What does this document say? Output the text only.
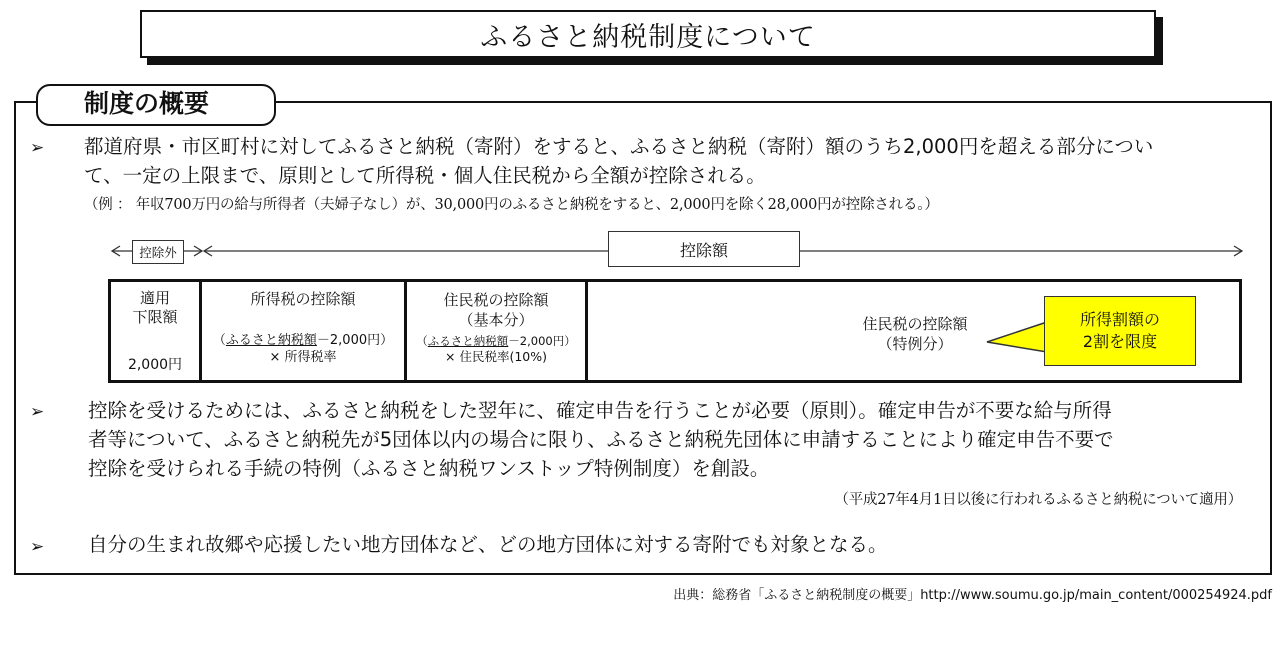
ふるさと納税制度について
制度の概要
➢ 都道府県・市区町村に対してふるさと納税（寄附）をすると、ふるさと納税（寄附）額のうち2,000円を超える部分につい
て、一定の上限まで、原則として所得税・個人住民税から全額が控除される。
（例 ： 年収700万円の給与所得者（夫婦子なし）が、30,000円のふるさと納税をすると、2,000円を除く28,000円が控除される。）
控除外	控除額
適用
下限額
2,000円
所得税の控除額
（ふるさと納税額－2,000円）
× 所得税率
住民税の控除額
（基本分）
（ふるさと納税額－2,000円）
× 住民税率(10%)
住民税の控除額
（特例分）
所得割額の
2割を限度
➢ 控除を受けるためには、ふるさと納税をした翌年に、確定申告を行うことが必要（原則）。確定申告が不要な給与所得
者等について、ふるさと納税先が5団体以内の場合に限り、ふるさと納税先団体に申請することにより確定申告不要で
控除を受けられる手続の特例（ふるさと納税ワンストップ特例制度）を創設。
（平成27年4月1日以後に行われるふるさと納税について適用）
➢ 自分の生まれ故郷や応援したい地方団体など、どの地方団体に対する寄附でも対象となる。
出典：総務省「ふるさと納税制度の概要」http://www.soumu.go.jp/main_content/000254924.pdf
